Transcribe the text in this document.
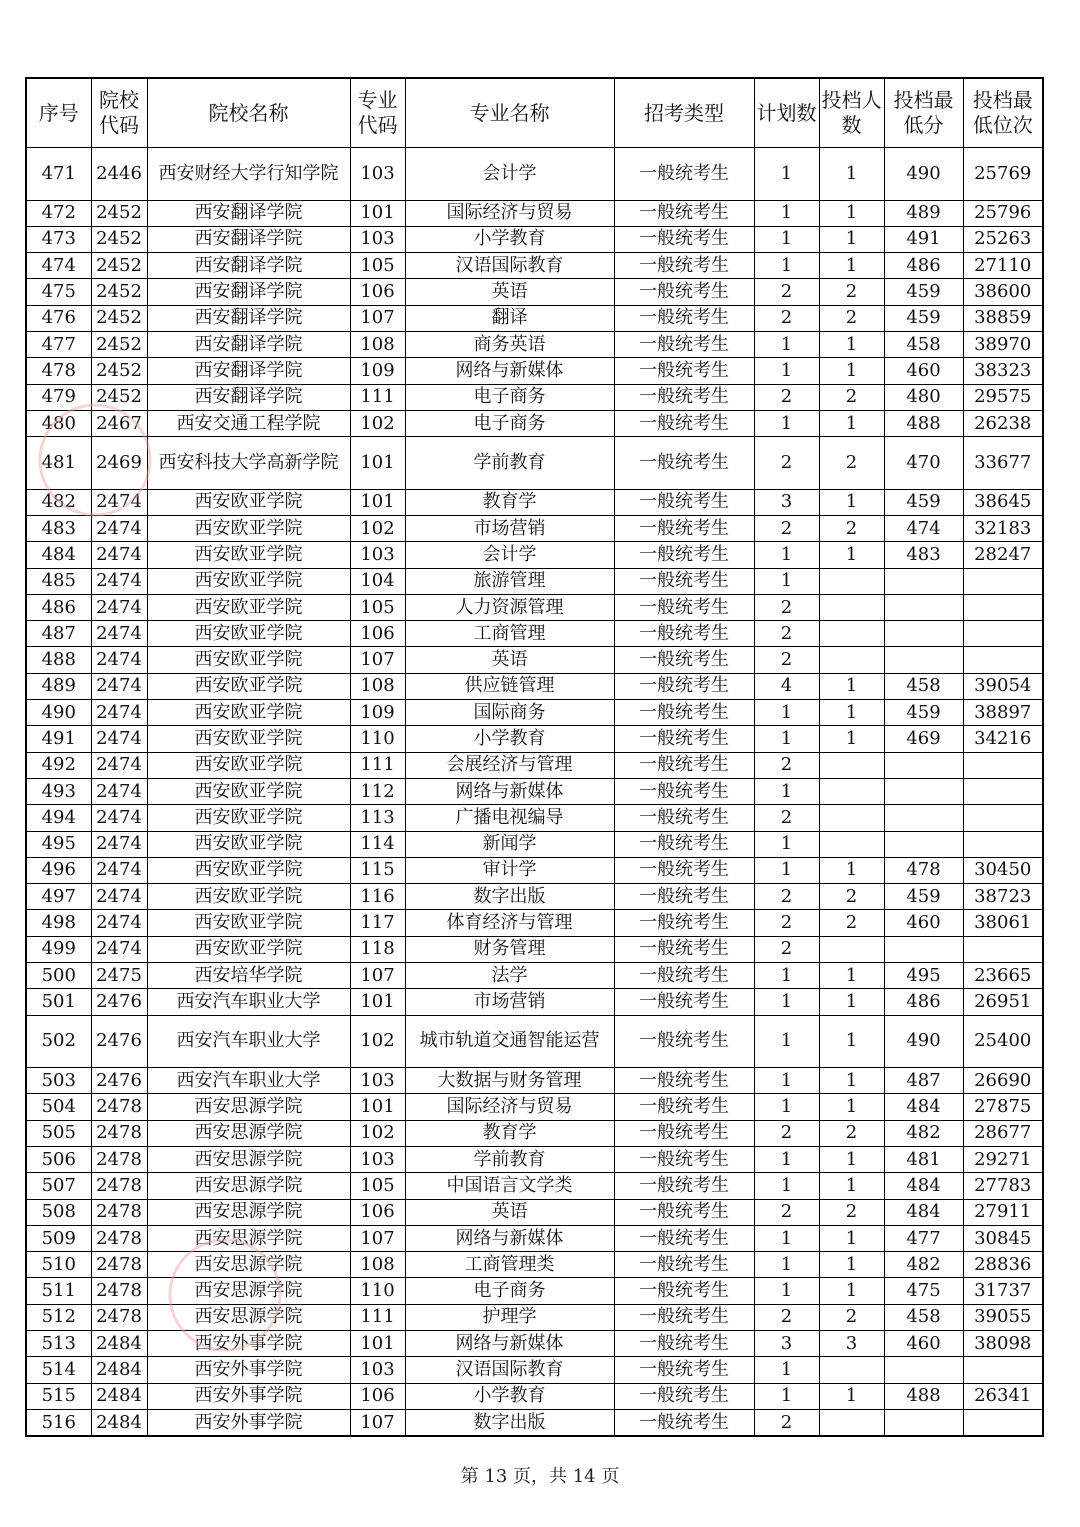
序号	院校代码	院校名称	专业代码	专业名称	招考类型	计划数	投档人数	投档最低分	投档最低位次
471	2446	西安财经大学行知学院	103	会计学	一般统考生	1	1	490	25769
472	2452	西安翻译学院	101	国际经济与贸易	一般统考生	1	1	489	25796
473	2452	西安翻译学院	103	小学教育	一般统考生	1	1	491	25263
474	2452	西安翻译学院	105	汉语国际教育	一般统考生	1	1	486	27110
475	2452	西安翻译学院	106	英语	一般统考生	2	2	459	38600
476	2452	西安翻译学院	107	翻译	一般统考生	2	2	459	38859
477	2452	西安翻译学院	108	商务英语	一般统考生	1	1	458	38970
478	2452	西安翻译学院	109	网络与新媒体	一般统考生	1	1	460	38323
479	2452	西安翻译学院	111	电子商务	一般统考生	2	2	480	29575
480	2467	西安交通工程学院	102	电子商务	一般统考生	1	1	488	26238
481	2469	西安科技大学高新学院	101	学前教育	一般统考生	2	2	470	33677
482	2474	西安欧亚学院	101	教育学	一般统考生	3	1	459	38645
483	2474	西安欧亚学院	102	市场营销	一般统考生	2	2	474	32183
484	2474	西安欧亚学院	103	会计学	一般统考生	1	1	483	28247
485	2474	西安欧亚学院	104	旅游管理	一般统考生	1			
486	2474	西安欧亚学院	105	人力资源管理	一般统考生	2			
487	2474	西安欧亚学院	106	工商管理	一般统考生	2			
488	2474	西安欧亚学院	107	英语	一般统考生	2			
489	2474	西安欧亚学院	108	供应链管理	一般统考生	4	1	458	39054
490	2474	西安欧亚学院	109	国际商务	一般统考生	1	1	459	38897
491	2474	西安欧亚学院	110	小学教育	一般统考生	1	1	469	34216
492	2474	西安欧亚学院	111	会展经济与管理	一般统考生	2			
493	2474	西安欧亚学院	112	网络与新媒体	一般统考生	1			
494	2474	西安欧亚学院	113	广播电视编导	一般统考生	2			
495	2474	西安欧亚学院	114	新闻学	一般统考生	1			
496	2474	西安欧亚学院	115	审计学	一般统考生	1	1	478	30450
497	2474	西安欧亚学院	116	数字出版	一般统考生	2	2	459	38723
498	2474	西安欧亚学院	117	体育经济与管理	一般统考生	2	2	460	38061
499	2474	西安欧亚学院	118	财务管理	一般统考生	2			
500	2475	西安培华学院	107	法学	一般统考生	1	1	495	23665
501	2476	西安汽车职业大学	101	市场营销	一般统考生	1	1	486	26951
502	2476	西安汽车职业大学	102	城市轨道交通智能运营	一般统考生	1	1	490	25400
503	2476	西安汽车职业大学	103	大数据与财务管理	一般统考生	1	1	487	26690
504	2478	西安思源学院	101	国际经济与贸易	一般统考生	1	1	484	27875
505	2478	西安思源学院	102	教育学	一般统考生	2	2	482	28677
506	2478	西安思源学院	103	学前教育	一般统考生	1	1	481	29271
507	2478	西安思源学院	105	中国语言文学类	一般统考生	1	1	484	27783
508	2478	西安思源学院	106	英语	一般统考生	2	2	484	27911
509	2478	西安思源学院	107	网络与新媒体	一般统考生	1	1	477	30845
510	2478	西安思源学院	108	工商管理类	一般统考生	1	1	482	28836
511	2478	西安思源学院	110	电子商务	一般统考生	1	1	475	31737
512	2478	西安思源学院	111	护理学	一般统考生	2	2	458	39055
513	2484	西安外事学院	101	网络与新媒体	一般统考生	3	3	460	38098
514	2484	西安外事学院	103	汉语国际教育	一般统考生	1			
515	2484	西安外事学院	106	小学教育	一般统考生	1	1	488	26341
516	2484	西安外事学院	107	数字出版	一般统考生	2			
第 13 页，共 14 页
